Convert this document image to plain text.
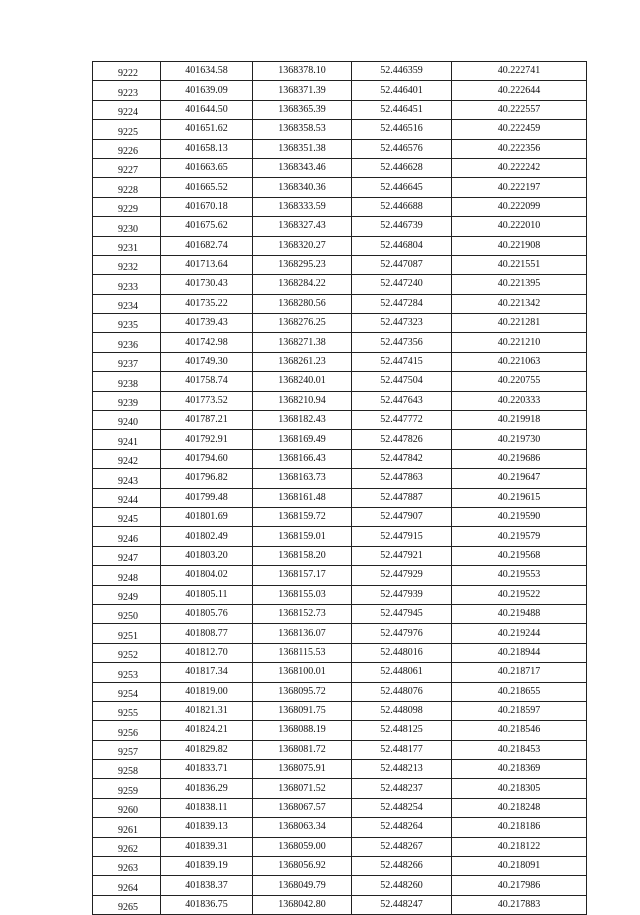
9222	401634.58	1368378.10	52.446359	40.222741
9223	401639.09	1368371.39	52.446401	40.222644
9224	401644.50	1368365.39	52.446451	40.222557
9225	401651.62	1368358.53	52.446516	40.222459
9226	401658.13	1368351.38	52.446576	40.222356
9227	401663.65	1368343.46	52.446628	40.222242
9228	401665.52	1368340.36	52.446645	40.222197
9229	401670.18	1368333.59	52.446688	40.222099
9230	401675.62	1368327.43	52.446739	40.222010
9231	401682.74	1368320.27	52.446804	40.221908
9232	401713.64	1368295.23	52.447087	40.221551
9233	401730.43	1368284.22	52.447240	40.221395
9234	401735.22	1368280.56	52.447284	40.221342
9235	401739.43	1368276.25	52.447323	40.221281
9236	401742.98	1368271.38	52.447356	40.221210
9237	401749.30	1368261.23	52.447415	40.221063
9238	401758.74	1368240.01	52.447504	40.220755
9239	401773.52	1368210.94	52.447643	40.220333
9240	401787.21	1368182.43	52.447772	40.219918
9241	401792.91	1368169.49	52.447826	40.219730
9242	401794.60	1368166.43	52.447842	40.219686
9243	401796.82	1368163.73	52.447863	40.219647
9244	401799.48	1368161.48	52.447887	40.219615
9245	401801.69	1368159.72	52.447907	40.219590
9246	401802.49	1368159.01	52.447915	40.219579
9247	401803.20	1368158.20	52.447921	40.219568
9248	401804.02	1368157.17	52.447929	40.219553
9249	401805.11	1368155.03	52.447939	40.219522
9250	401805.76	1368152.73	52.447945	40.219488
9251	401808.77	1368136.07	52.447976	40.219244
9252	401812.70	1368115.53	52.448016	40.218944
9253	401817.34	1368100.01	52.448061	40.218717
9254	401819.00	1368095.72	52.448076	40.218655
9255	401821.31	1368091.75	52.448098	40.218597
9256	401824.21	1368088.19	52.448125	40.218546
9257	401829.82	1368081.72	52.448177	40.218453
9258	401833.71	1368075.91	52.448213	40.218369
9259	401836.29	1368071.52	52.448237	40.218305
9260	401838.11	1368067.57	52.448254	40.218248
9261	401839.13	1368063.34	52.448264	40.218186
9262	401839.31	1368059.00	52.448267	40.218122
9263	401839.19	1368056.92	52.448266	40.218091
9264	401838.37	1368049.79	52.448260	40.217986
9265	401836.75	1368042.80	52.448247	40.217883
